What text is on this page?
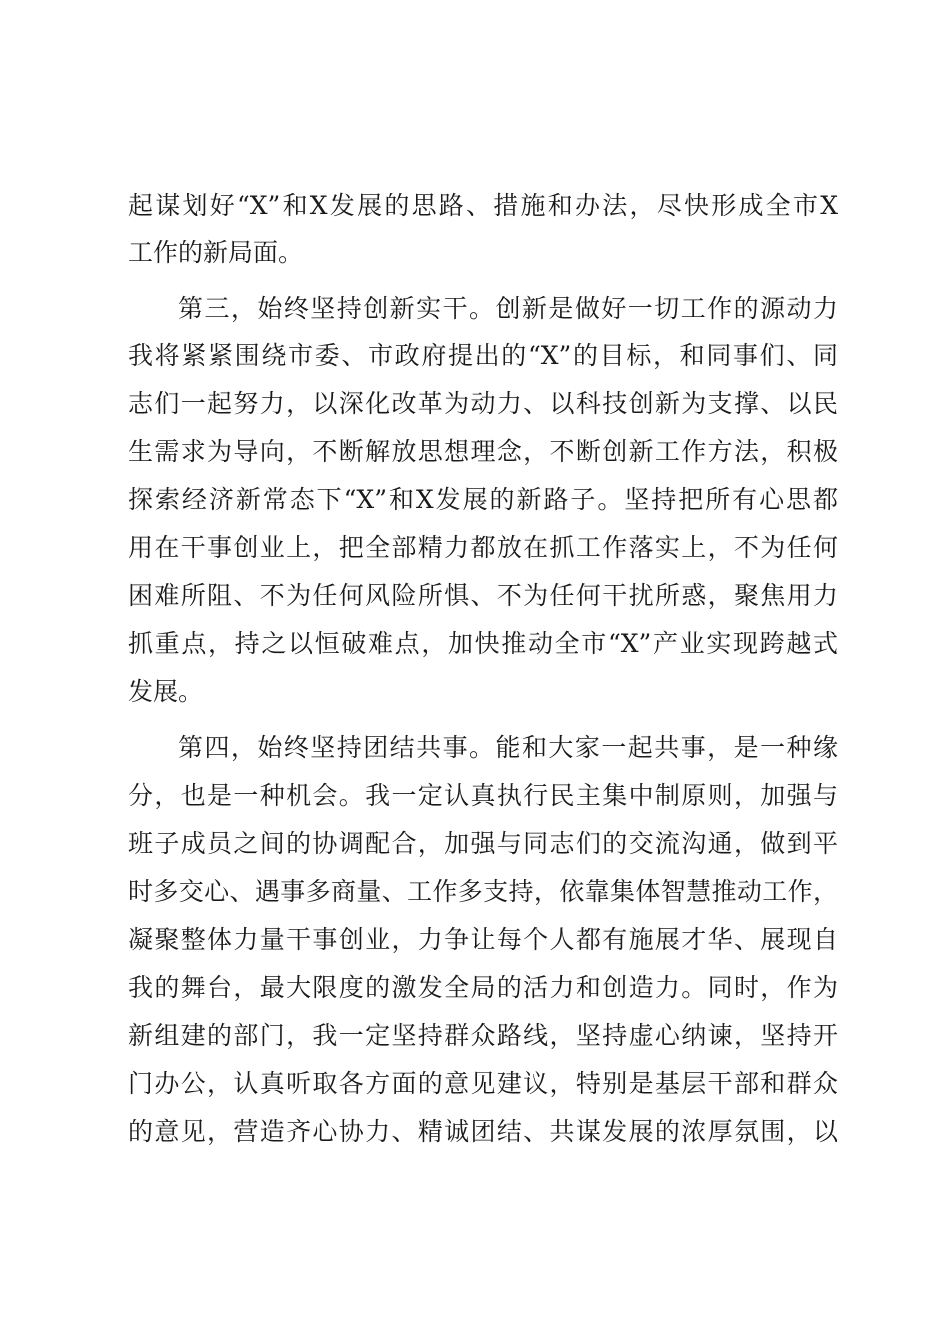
起谋划好“X”和X发展的思路、措施和办法，尽快形成全市X
工作的新局面。
第三，始终坚持创新实干。创新是做好一切工作的源动力
我将紧紧围绕市委、市政府提出的“X”的目标，和同事们、同
志们一起努力，以深化改革为动力、以科技创新为支撑、以民
生需求为导向，不断解放思想理念，不断创新工作方法，积极
探索经济新常态下“X”和X发展的新路子。坚持把所有心思都
用在干事创业上，把全部精力都放在抓工作落实上，不为任何
困难所阻、不为任何风险所惧、不为任何干扰所惑，聚焦用力
抓重点，持之以恒破难点，加快推动全市“X”产业实现跨越式
发展。
第四，始终坚持团结共事。能和大家一起共事，是一种缘
分，也是一种机会。我一定认真执行民主集中制原则，加强与
班子成员之间的协调配合，加强与同志们的交流沟通，做到平
时多交心、遇事多商量、工作多支持，依靠集体智慧推动工作，
凝聚整体力量干事创业，力争让每个人都有施展才华、展现自
我的舞台，最大限度的激发全局的活力和创造力。同时，作为
新组建的部门，我一定坚持群众路线，坚持虚心纳谏，坚持开
门办公，认真听取各方面的意见建议，特别是基层干部和群众
的意见，营造齐心协力、精诚团结、共谋发展的浓厚氛围，以
